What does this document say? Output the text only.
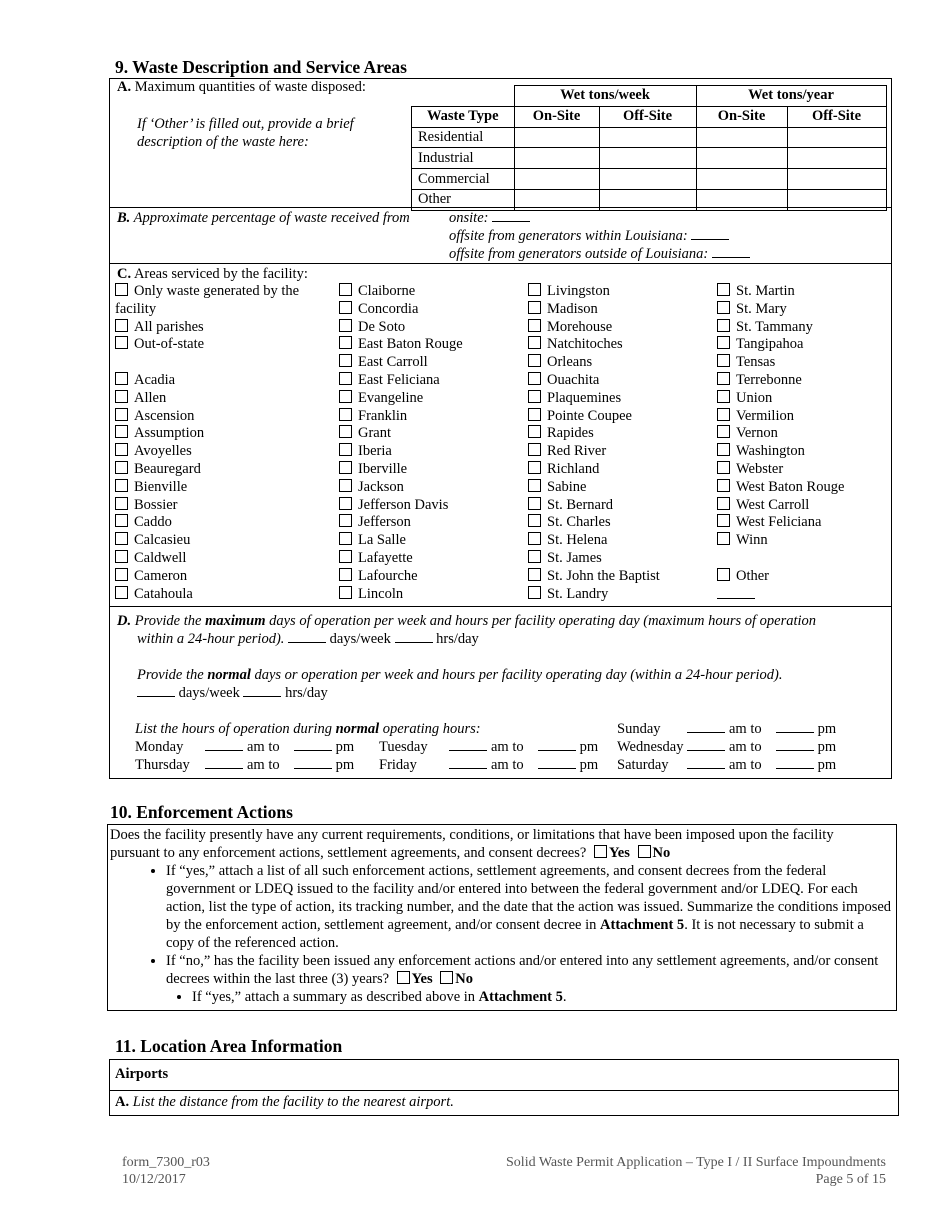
9. Waste Description and Service Areas
A. Maximum quantities of waste disposed:
If ‘Other’ is filled out, provide a brief description of the waste here:
	Wet tons/week		Wet tons/year	
Waste Type	On-Site	Off-Site	On-Site	Off-Site
Residential				
Industrial				
Commercial				
Other				
B. Approximate percentage of waste received from	onsite:
offsite from generators within Louisiana:
offsite from generators outside of Louisiana:
C. Areas serviced by the facility:
Only waste generated by the
facility
All parishes
Out-of-state
Acadia
Allen
Ascension
Assumption
Avoyelles
Beauregard
Bienville
Bossier
Caddo
Calcasieu
Caldwell
Cameron
Catahoula
Claiborne
Concordia
De Soto
East Baton Rouge
East Carroll
East Feliciana
Evangeline
Franklin
Grant
Iberia
Iberville
Jackson
Jefferson Davis
Jefferson
La Salle
Lafayette
Lafourche
Lincoln
Livingston
Madison
Morehouse
Natchitoches
Orleans
Ouachita
Plaquemines
Pointe Coupee
Rapides
Red River
Richland
Sabine
St. Bernard
St. Charles
St. Helena
St. James
St. John the Baptist
St. Landry
St. Martin
St. Mary
St. Tammany
Tangipahoa
Tensas
Terrebonne
Union
Vermilion
Vernon
Washington
Webster
West Baton Rouge
West Carroll
West Feliciana
Winn
Other
D. Provide the maximum days of operation per week and hours per facility operating day (maximum hours of operation
within a 24-hour period).	days/week	hrs/day
Provide the normal days or operation per week and hours per facility operating day (within a 24-hour period).
days/week	hrs/day
List the hours of operation during normal operating hours:	Sunday	am to	pm
Monday	am to	pm Tuesday	am to	pm Wednesday	am to	pm
Thursday	am to	pm Friday	am to	pm Saturday	am to	pm
10. Enforcement Actions
Does the facility presently have any current requirements, conditions, or limitations that have been imposed upon the facility
pursuant to any enforcement actions, settlement agreements, and consent decrees? Yes No
• If “yes,” attach a list of all such enforcement actions, settlement agreements, and consent decrees from the federal government or LDEQ issued to the facility and/or entered into between the federal government and/or LDEQ. For each action, list the type of action, its tracking number, and the date that the action was issued. Summarize the conditions imposed by the enforcement action, settlement agreement, and/or consent decree in Attachment 5. It is not necessary to submit a copy of the referenced action.
• If “no,” has the facility been issued any enforcement actions and/or entered into any settlement agreements, and/or consent decrees within the last three (3) years? Yes No
• If “yes,” attach a summary as described above in Attachment 5.
11. Location Area Information
Airports
A. List the distance from the facility to the nearest airport.
form_7300_r03
10/12/2017
Solid Waste Permit Application – Type I / II Surface Impoundments
Page 5 of 15
